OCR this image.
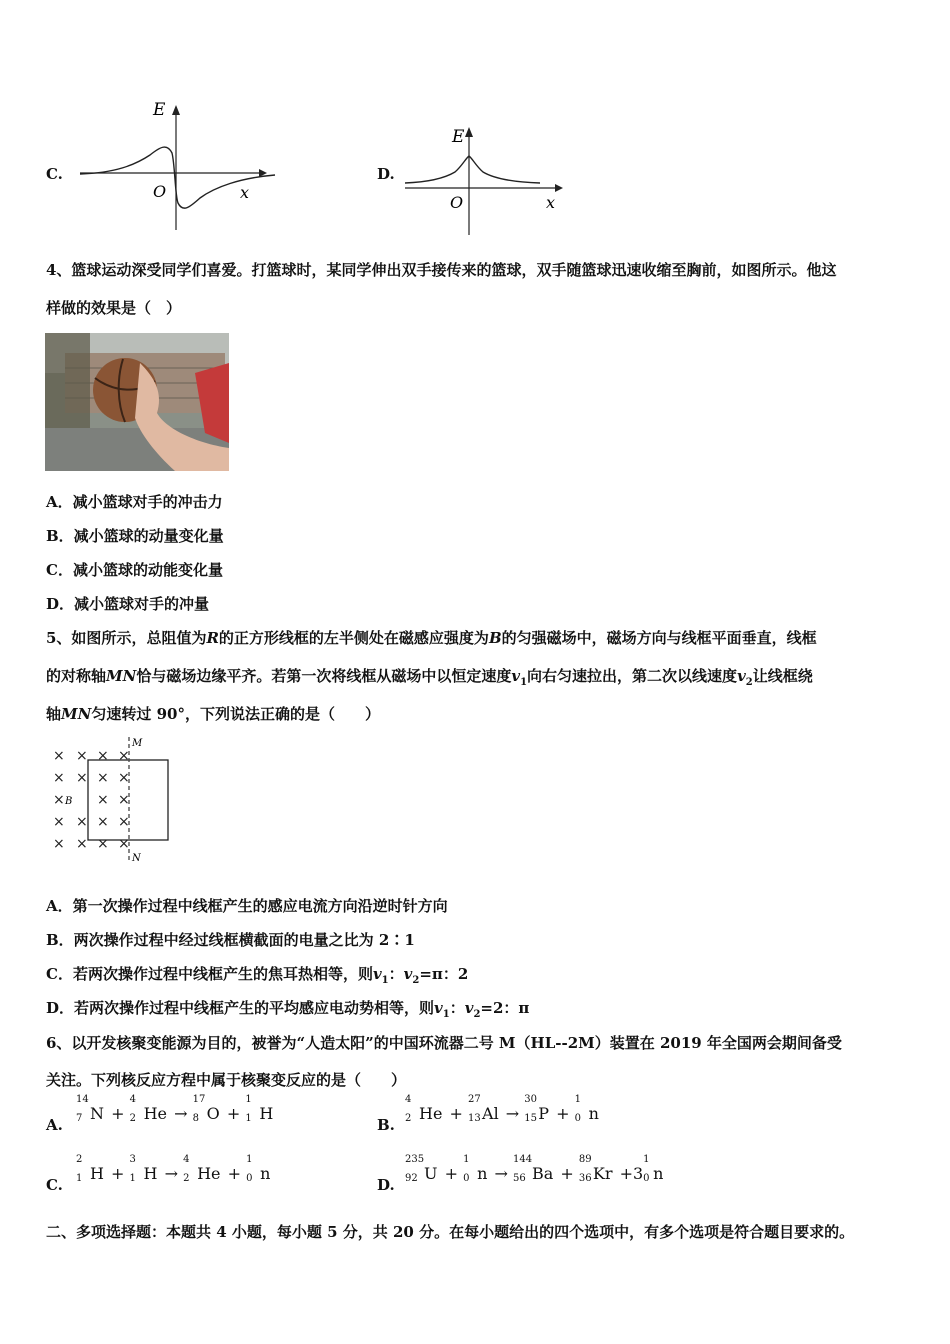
C.
E
O	x
D.
E
O	x
4、篮球运动深受同学们喜爱。打篮球时，某同学伸出双手接传来的篮球，双手随篮球迅速收缩至胸前，如图所示。他这
样做的效果是（　）
A．减小篮球对手的冲击力
B．减小篮球的动量变化量
C．减小篮球的动能变化量
D．减小篮球对手的冲量
5、如图所示，总阻值为R的正方形线框的左半侧处在磁感应强度为B的匀强磁场中，磁场方向与线框平面垂直，线框
的对称轴MN恰与磁场边缘平齐。若第一次将线框从磁场中以恒定速度$v_1$向右匀速拉出，第二次以线速度$v_2$让线框绕
轴MN匀速转过 90°，下列说法正确的是（　　）
M
N
B
× × × ×
× × × ×
× × ×
× × × ×
× × × ×
A．第一次操作过程中线框产生的感应电流方向沿逆时针方向
B．两次操作过程中经过线框横截面的电量之比为 2∶1
C．若两次操作过程中线框产生的焦耳热相等，则$v_1$：$v_2=\pi$：2
D．若两次操作过程中线框产生的平均感应电动势相等，则$v_1$：$v_2=2$：π
6、以开发核聚变能源为目的，被誉为“人造太阳”的中国环流器二号 M（HL--2M）装置在 2019 年全国两会期间备受
关注。下列核反应方程中属于核聚变反应的是（　　）
A.
14
7 N +
4
2 He →
17
8 O +
1
1 H
B.
4
2 He +
27
13 Al →
30
15 P +
1
0 n
C.
2
1 H +
3
1 H →
4
2 He +
1
0 n
D.
235
92 U +
1
0 n →
144
56 Ba +
89
36 Kr +3
1
0 n
二、多项选择题：本题共 4 小题，每小题 5 分，共 20 分。在每小题给出的四个选项中，有多个选项是符合题目要求的。
